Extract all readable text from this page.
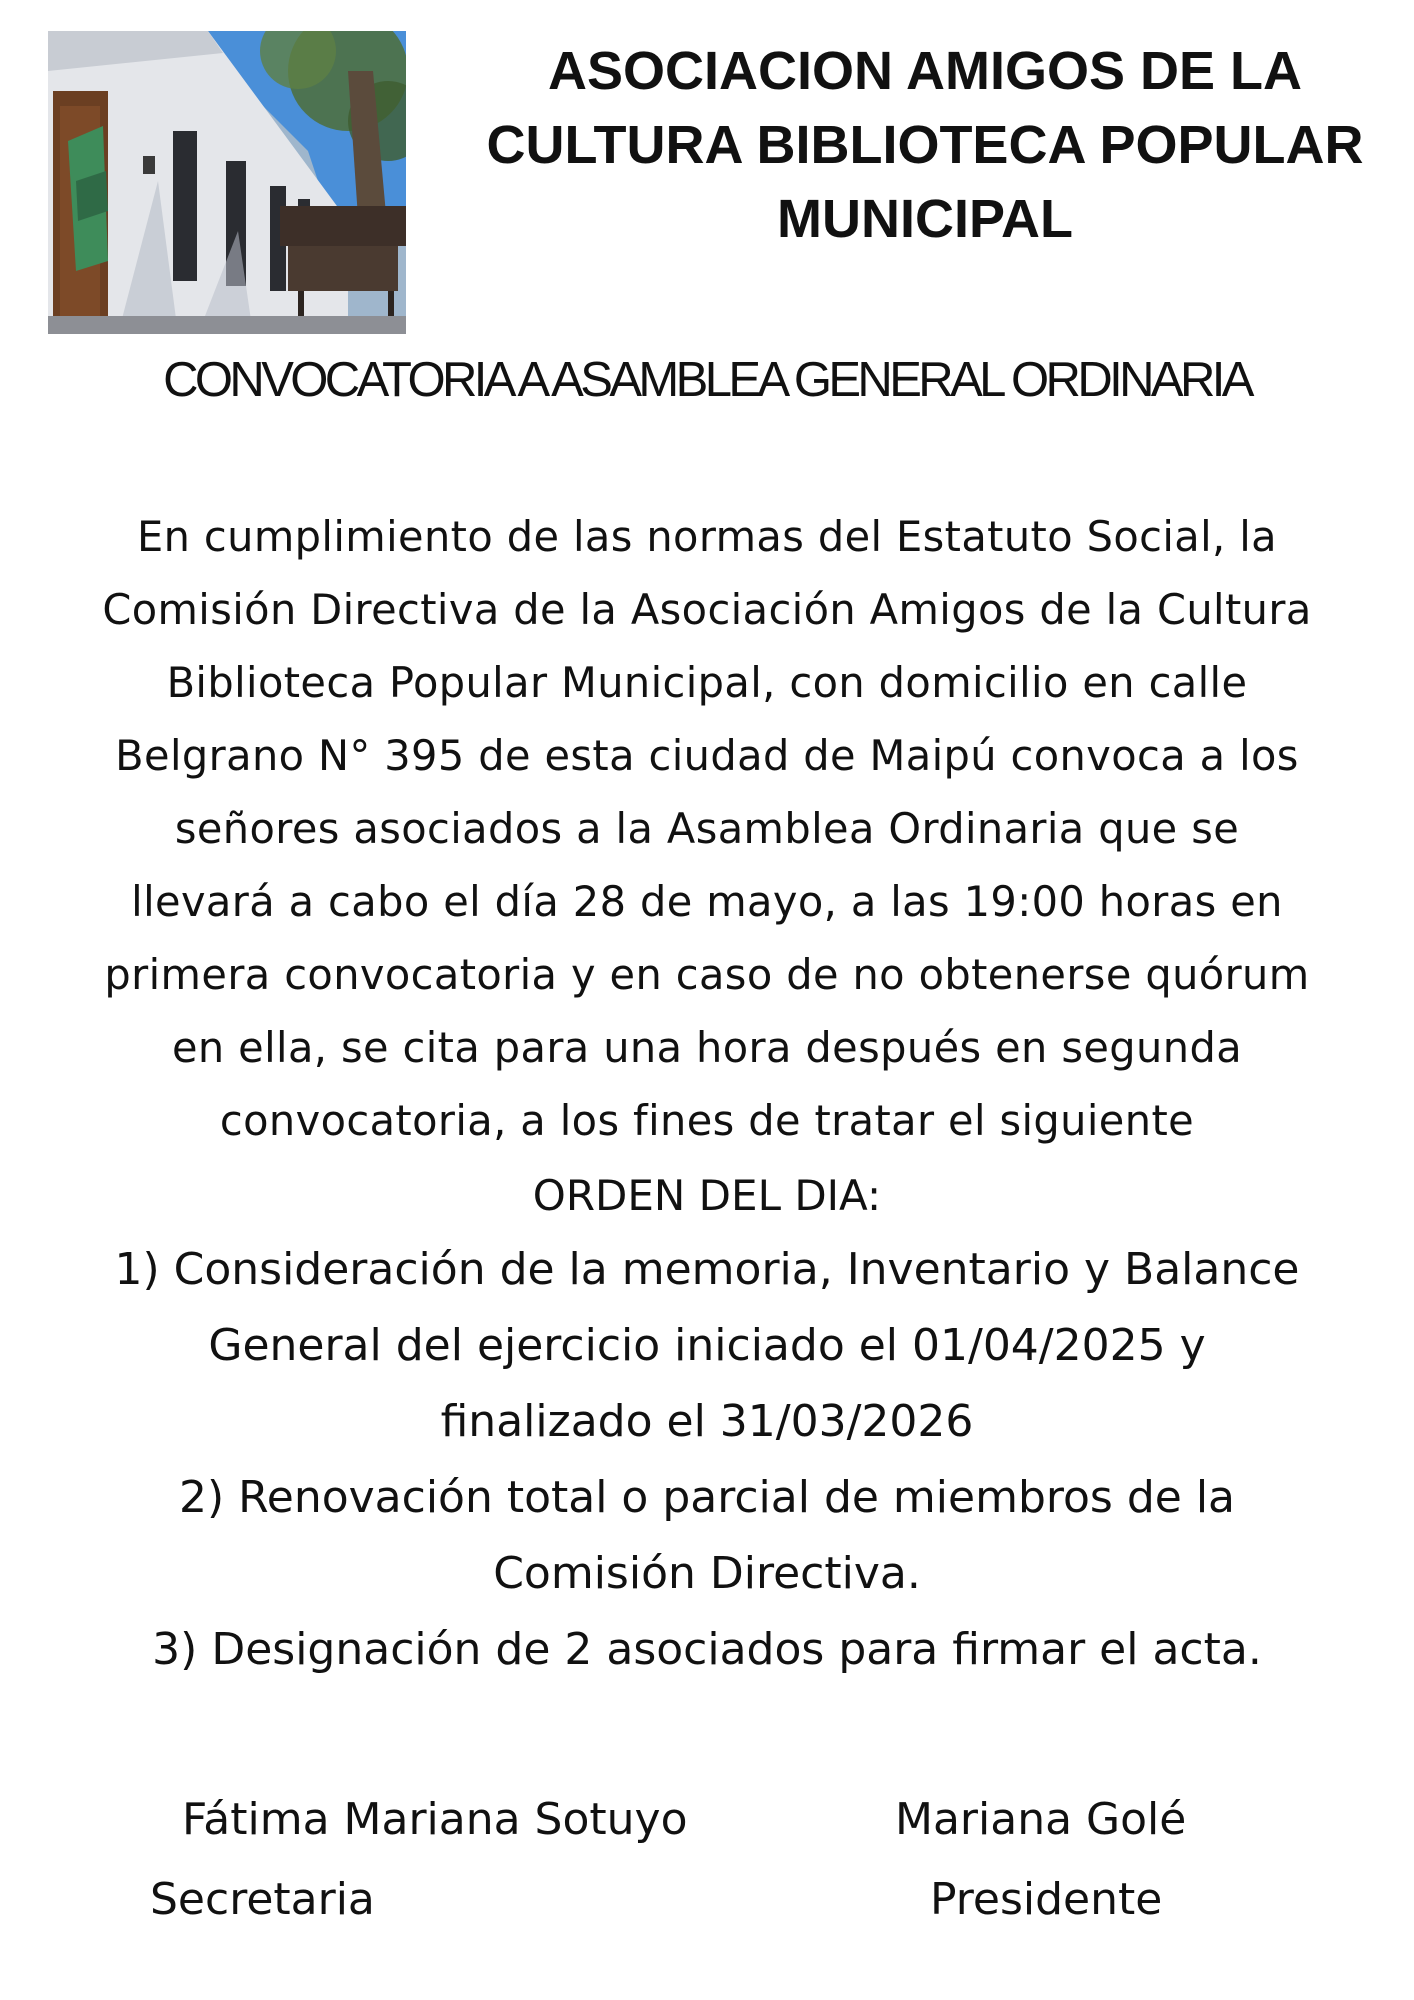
ASOCIACION AMIGOS DE LA
CULTURA BIBLIOTECA POPULAR
MUNICIPAL
CONVOCATORIA A ASAMBLEA GENERAL ORDINARIA
En cumplimiento de las normas del Estatuto Social, la
Comisión Directiva de la Asociación Amigos de la Cultura
Biblioteca Popular Municipal, con domicilio en calle
Belgrano N° 395 de esta ciudad de Maipú convoca a los
señores asociados a la Asamblea Ordinaria que se
llevará a cabo el día 28 de mayo, a las 19:00 horas en
primera convocatoria y en caso de no obtenerse quórum
en ella, se cita para una hora después en segunda
convocatoria, a los fines de tratar el siguiente
ORDEN DEL DIA:
1) Consideración de la memoria, Inventario y Balance
General del ejercicio iniciado el 01/04/2025 y
finalizado el 31/03/2026
2) Renovación total o parcial de miembros de la
Comisión Directiva.
3) Designación de 2 asociados para firmar el acta.
Fátima Mariana Sotuyo
Secretaria
Mariana Golé
Presidente
